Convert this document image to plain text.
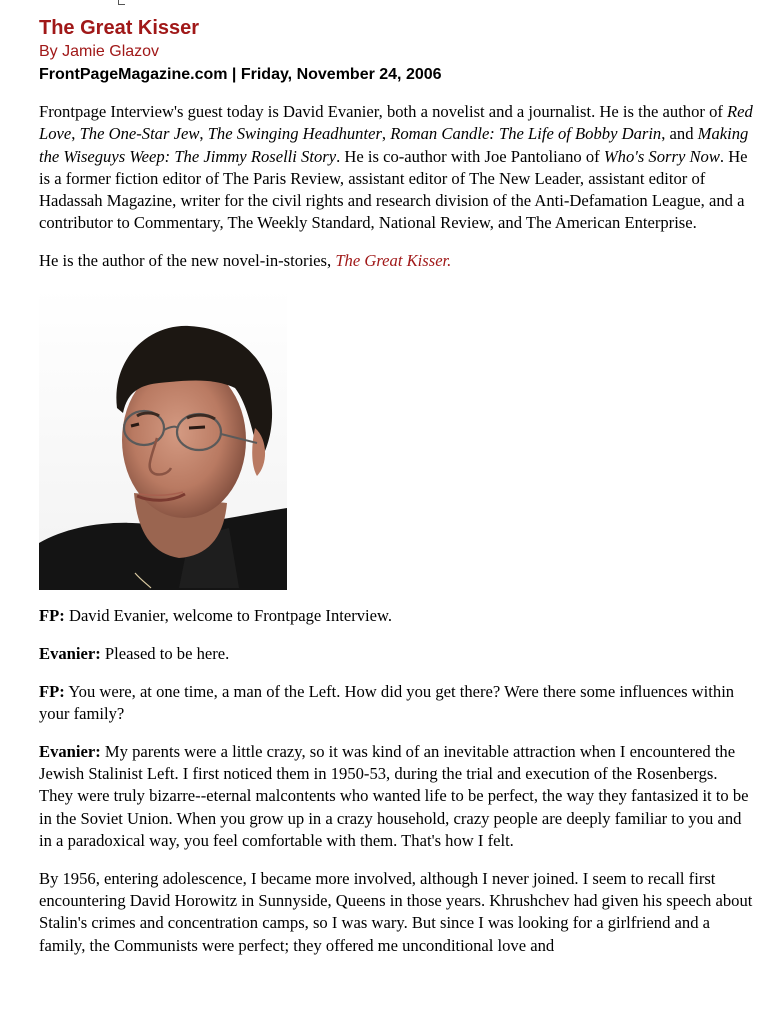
The Great Kisser
By Jamie Glazov
FrontPageMagazine.com | Friday, November 24, 2006

Frontpage Interview's guest today is David Evanier, both a novelist and a journalist. He is the author of Red Love, The One-Star Jew, The Swinging Headhunter, Roman Candle: The Life of Bobby Darin, and Making the Wiseguys Weep: The Jimmy Roselli Story. He is co-author with Joe Pantoliano of Who's Sorry Now. He is a former fiction editor of The Paris Review, assistant editor of The New Leader, assistant editor of Hadassah Magazine, writer for the civil rights and research division of the Anti-Defamation League, and a contributor to Commentary, The Weekly Standard, National Review, and The American Enterprise.

He is the author of the new novel-in-stories, The Great Kisser.

FP: David Evanier, welcome to Frontpage Interview.

Evanier: Pleased to be here.

FP: You were, at one time, a man of the Left. How did you get there? Were there some influences within your family?

Evanier: My parents were a little crazy, so it was kind of an inevitable attraction when I encountered the Jewish Stalinist Left. I first noticed them in 1950-53, during the trial and execution of the Rosenbergs. They were truly bizarre--eternal malcontents who wanted life to be perfect, the way they fantasized it to be in the Soviet Union. When you grow up in a crazy household, crazy people are deeply familiar to you and in a paradoxical way, you feel comfortable with them. That's how I felt.

By 1956, entering adolescence, I became more involved, although I never joined. I seem to recall first encountering David Horowitz in Sunnyside, Queens in those years. Khrushchev had given his speech about Stalin's crimes and concentration camps, so I was wary. But since I was looking for a girlfriend and a family, the Communists were perfect; they offered me unconditional love and
